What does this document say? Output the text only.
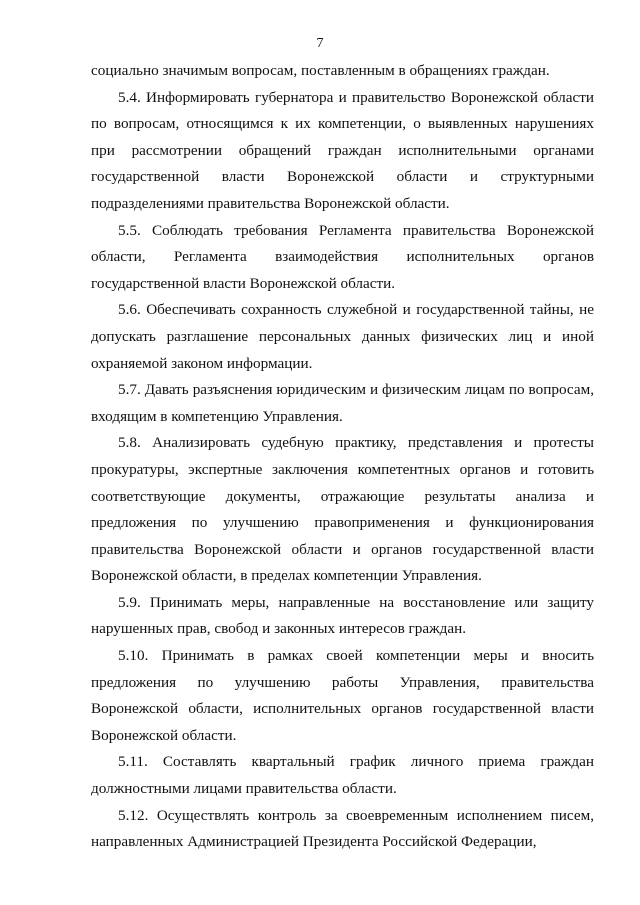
7

социально значимым вопросам, поставленным в обращениях граждан.

5.4. Информировать губернатора и правительство Воронежской области по вопросам, относящимся к их компетенции, о выявленных нарушениях при рассмотрении обращений граждан исполнительными органами государственной власти Воронежской области и структурными подразделениями правительства Воронежской области.

5.5. Соблюдать требования Регламента правительства Воронежской области, Регламента взаимодействия исполнительных органов государственной власти Воронежской области.

5.6. Обеспечивать сохранность служебной и государственной тайны, не допускать разглашение персональных данных физических лиц и иной охраняемой законом информации.

5.7. Давать разъяснения юридическим и физическим лицам по вопросам, входящим в компетенцию Управления.

5.8. Анализировать судебную практику, представления и протесты прокуратуры, экспертные заключения компетентных органов и готовить соответствующие документы, отражающие результаты анализа и предложения по улучшению правоприменения и функционирования правительства Воронежской области и органов государственной власти Воронежской области, в пределах компетенции Управления.

5.9. Принимать меры, направленные на восстановление или защиту нарушенных прав, свобод и законных интересов граждан.

5.10. Принимать в рамках своей компетенции меры и вносить предложения по улучшению работы Управления, правительства Воронежской области, исполнительных органов государственной власти Воронежской области.

5.11. Составлять квартальный график личного приема граждан должностными лицами правительства области.

5.12. Осуществлять контроль за своевременным исполнением писем, направленных Администрацией Президента Российской Федерации,
